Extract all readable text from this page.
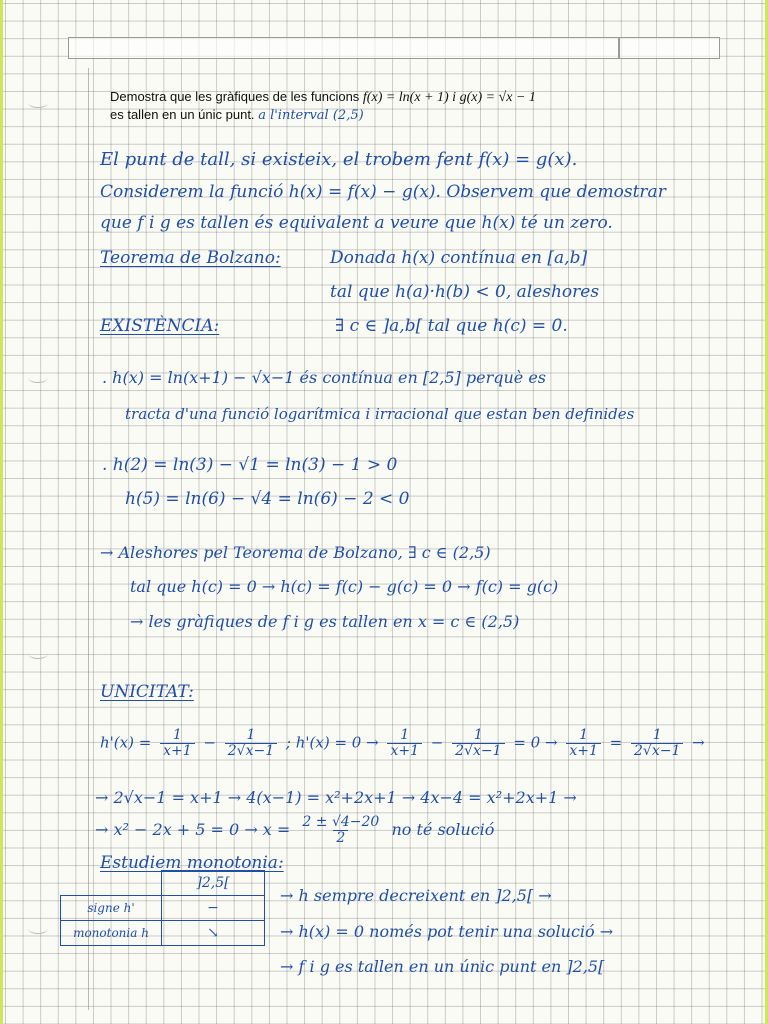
Demostra que les gràfiques de les funcions f(x) = ln(x + 1) i g(x) = √x − 1
es tallen en un únic punt. a l'interval (2,5)
El punt de tall, si existeix, el trobem fent f(x) = g(x).
Considerem la funció h(x) = f(x) − g(x). Observem que demostrar
que f i g es tallen és equivalent a veure que h(x) té un zero.
Teorema de Bolzano:	Donada h(x) contínua en [a,b]
tal que h(a)·h(b) < 0, aleshores
∃ c ∈ ]a,b[ tal que h(c) = 0.
EXISTÈNCIA:
. h(x) = ln(x+1) − √x−1 és contínua en [2,5] perquè es
tracta d'una funció logarítmica i irracional que estan ben definides
. h(2) = ln(3) − √1 = ln(3) − 1 > 0
h(5) = ln(6) − √4 = ln(6) − 2 < 0
→ Aleshores pel Teorema de Bolzano, ∃ c ∈ (2,5)
tal que h(c) = 0 → h(c) = f(c) − g(c) = 0 → f(c) = g(c)
→ les gràfiques de f i g es tallen en x = c ∈ (2,5)
UNICITAT:
$h'(x) = \frac{1}{x+1} - \frac{1}{2√x-1}$ ; $h'(x) = 0 \to \frac{1}{x+1} - \frac{1}{2√x-1} = 0 \to \frac{1}{x+1} = \frac{1}{2√x-1}$ →
→ 2√x−1 = x+1 → 4(x−1) = x²+2x+1 → 4x−4 = x²+2x+1 →
→ $x^2 - 2x + 5 = 0 \to x = \frac{2 \pm √4-20}{2}$ no té solució
Estudiem monotonia:
	]2,5[
signe h'	−
monotonia h	↘
→ h sempre decreixent en ]2,5[ →
→ h(x) = 0 només pot tenir una solució →
→ f i g es tallen en un únic punt en ]2,5[
